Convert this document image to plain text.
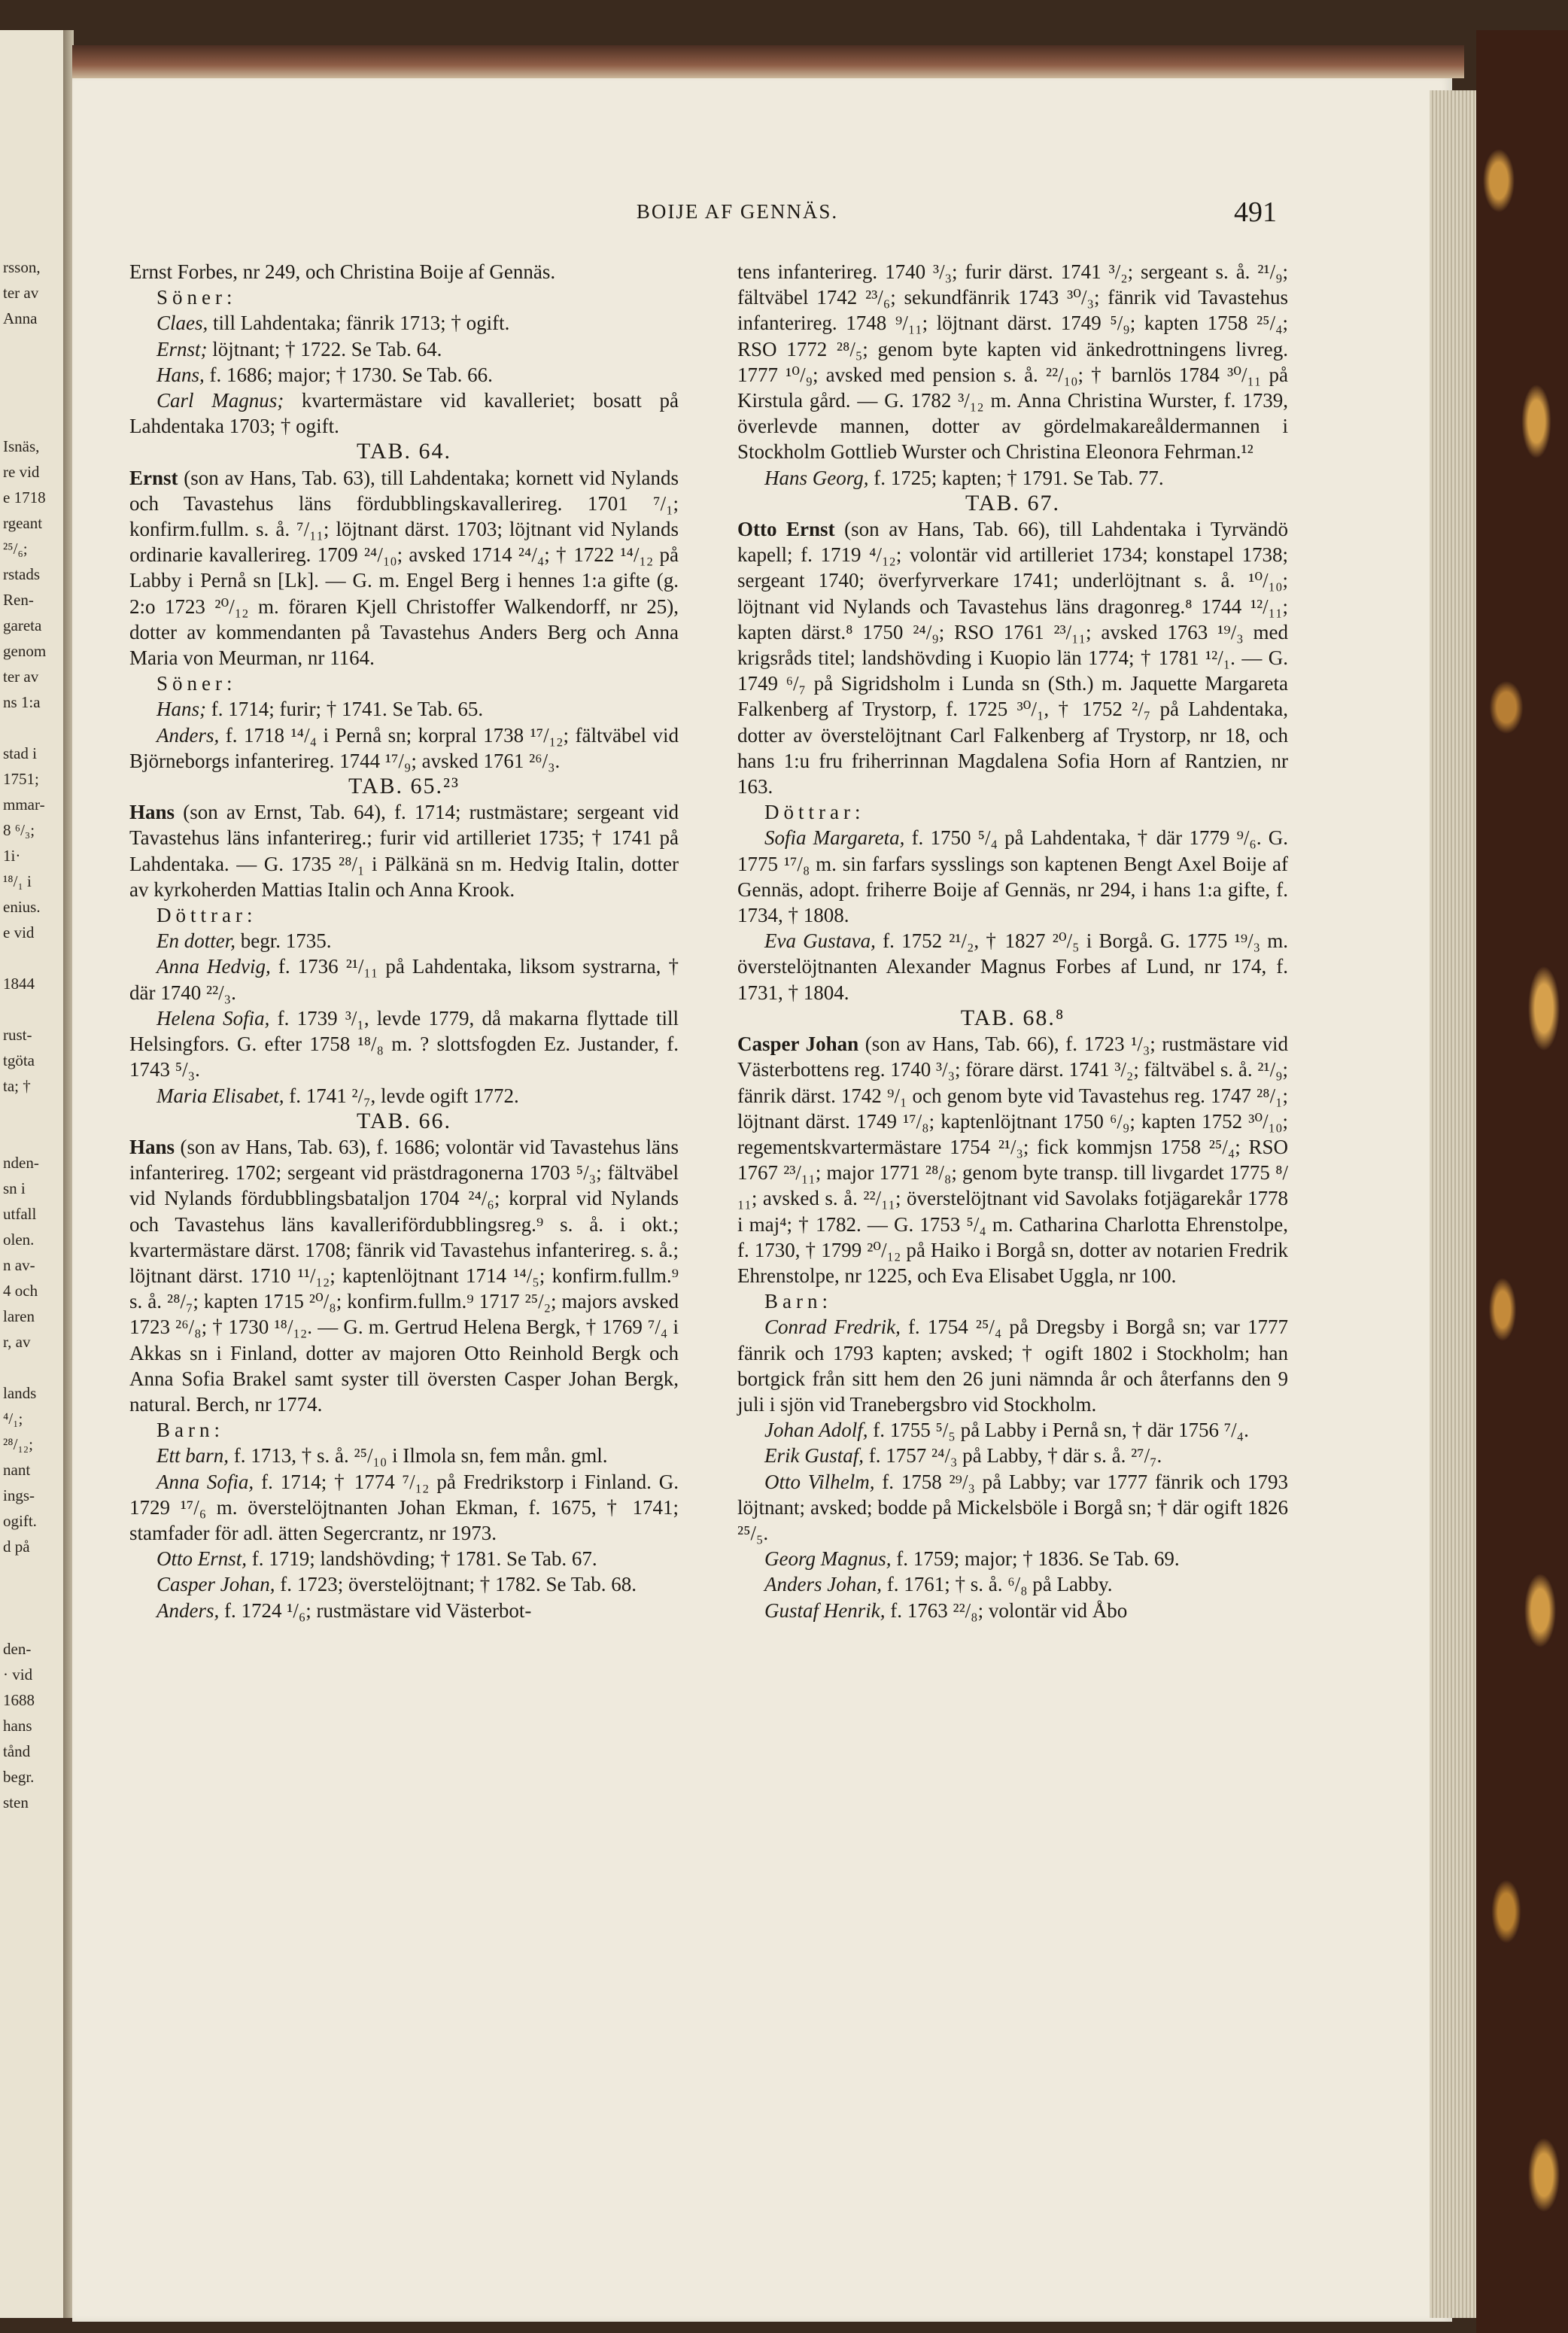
rsson,
ter av
Anna
Isnäs,
re vid
e 1718
rgeant
²⁵/₆;
rstads
Ren-
gareta
genom
ter av
ns 1:a
stad i
1751;
mmar-
8 ⁶/₃;
1i·
¹⁸/₁ i
enius.
e vid
1844
rust-
tgöta
ta; †
nden-
sn i
utfall
olen.
n av-
4 och
laren
r, av
lands
⁴/₁;
²⁸/₁₂;
nant
ings-
ogift.
d på
den-
· vid
1688
hans
tånd
begr.
sten
BOIJE AF GENNÄS.	491

Ernst Forbes, nr 249, och Christina Boije af Gennäs.

Söner:

Claes, till Lahdentaka; fänrik 1713; † ogift.

Ernst; löjtnant; † 1722. Se Tab. 64.

Hans, f. 1686; major; † 1730. Se Tab. 66.

Carl Magnus; kvartermästare vid kavalleriet; bosatt på Lahdentaka 1703; † ogift.

TAB. 64.

Ernst (son av Hans, Tab. 63), till Lahdentaka; kornett vid Nylands och Tavastehus läns fördubblingskavallerireg. 1701 ⁷/₁; konfirm.fullm. s. å. ⁷/₁₁; löjtnant därst. 1703; löjtnant vid Nylands ordinarie kavallerireg. 1709 ²⁴/₁₀; avsked 1714 ²⁴/₄; † 1722 ¹⁴/₁₂ på Labby i Pernå sn [Lk]. — G. m. Engel Berg i hennes 1:a gifte (g. 2:o 1723 ²⁰/₁₂ m. föraren Kjell Christoffer Walkendorff, nr 25), dotter av kommendanten på Tavastehus Anders Berg och Anna Maria von Meurman, nr 1164.

Söner:

Hans; f. 1714; furir; † 1741. Se Tab. 65.

Anders, f. 1718 ¹⁴/₄ i Pernå sn; korpral 1738 ¹⁷/₁₂; fältväbel vid Björneborgs infanterireg. 1744 ¹⁷/₉; avsked 1761 ²⁶/₃.

TAB. 65.²³

Hans (son av Ernst, Tab. 64), f. 1714; rustmästare; sergeant vid Tavastehus läns infanterireg.; furir vid artilleriet 1735; † 1741 på Lahdentaka. — G. 1735 ²⁸/₁ i Pälkänä sn m. Hedvig Italin, dotter av kyrkoherden Mattias Italin och Anna Krook.

Döttrar:

En dotter, begr. 1735.

Anna Hedvig, f. 1736 ²¹/₁₁ på Lahdentaka, liksom systrarna, † där 1740 ²²/₃.

Helena Sofia, f. 1739 ³/₁, levde 1779, då makarna flyttade till Helsingfors. G. efter 1758 ¹⁸/₈ m. ? slottsfogden Ez. Justander, f. 1743 ⁵/₃.

Maria Elisabet, f. 1741 ²/₇, levde ogift 1772.

TAB. 66.

Hans (son av Hans, Tab. 63), f. 1686; volontär vid Tavastehus läns infanterireg. 1702; sergeant vid prästdragonerna 1703 ⁵/₃; fältväbel vid Nylands fördubblingsbataljon 1704 ²⁴/₆; korpral vid Nylands och Tavastehus läns kavallerifördubblingsreg.⁹ s. å. i okt.; kvartermästare därst. 1708; fänrik vid Tavastehus infanterireg. s. å.; löjtnant därst. 1710 ¹¹/₁₂; kaptenlöjtnant 1714 ¹⁴/₅; konfirm.fullm.⁹ s. å. ²⁸/₇; kapten 1715 ²⁰/₈; konfirm.fullm.⁹ 1717 ²⁵/₂; majors avsked 1723 ²⁶/₈; † 1730 ¹⁸/₁₂. — G. m. Gertrud Helena Bergk, † 1769 ⁷/₄ i Akkas sn i Finland, dotter av majoren Otto Reinhold Bergk och Anna Sofia Brakel samt syster till översten Casper Johan Bergk, natural. Berch, nr 1774.

Barn:

Ett barn, f. 1713, † s. å. ²⁵/₁₀ i Ilmola sn, fem mån. gml.

Anna Sofia, f. 1714; † 1774 ⁷/₁₂ på Fredrikstorp i Finland. G. 1729 ¹⁷/₆ m. överstelöjtnanten Johan Ekman, f. 1675, † 1741; stamfader för adl. ätten Segercrantz, nr 1973.

Otto Ernst, f. 1719; landshövding; † 1781. Se Tab. 67.

Casper Johan, f. 1723; överstelöjtnant; † 1782. Se Tab. 68.

Anders, f. 1724 ¹/₆; rustmästare vid Västerbot-

tens infanterireg. 1740 ³/₃; furir därst. 1741 ³/₂; sergeant s. å. ²¹/₉; fältväbel 1742 ²³/₆; sekundfänrik 1743 ³⁰/₃; fänrik vid Tavastehus infanterireg. 1748 ⁹/₁₁; löjtnant därst. 1749 ⁵/₉; kapten 1758 ²⁵/₄; RSO 1772 ²⁸/₅; genom byte kapten vid änkedrottningens livreg. 1777 ¹⁰/₉; avsked med pension s. å. ²²/₁₀; † barnlös 1784 ³⁰/₁₁ på Kirstula gård. — G. 1782 ³/₁₂ m. Anna Christina Wurster, f. 1739, överlevde mannen, dotter av gördelmakareåldermannen i Stockholm Gottlieb Wurster och Christina Eleonora Fehrman.¹²

Hans Georg, f. 1725; kapten; † 1791. Se Tab. 77.

TAB. 67.

Otto Ernst (son av Hans, Tab. 66), till Lahdentaka i Tyrvändö kapell; f. 1719 ⁴/₁₂; volontär vid artilleriet 1734; konstapel 1738; sergeant 1740; överfyrverkare 1741; underlöjtnant s. å. ¹⁰/₁₀; löjtnant vid Nylands och Tavastehus läns dragonreg.⁸ 1744 ¹²/₁₁; kapten därst.⁸ 1750 ²⁴/₉; RSO 1761 ²³/₁₁; avsked 1763 ¹⁹/₃ med krigsråds titel; landshövding i Kuopio län 1774; † 1781 ¹²/₁. — G. 1749 ⁶/₇ på Sigridsholm i Lunda sn (Sth.) m. Jaquette Margareta Falkenberg af Trystorp, f. 1725 ³⁰/₁, † 1752 ²/₇ på Lahdentaka, dotter av överstelöjtnant Carl Falkenberg af Trystorp, nr 18, och hans 1:u fru friherrinnan Magdalena Sofia Horn af Rantzien, nr 163.

Döttrar:

Sofia Margareta, f. 1750 ⁵/₄ på Lahdentaka, † där 1779 ⁹/₆. G. 1775 ¹⁷/₈ m. sin farfars sysslings son kaptenen Bengt Axel Boije af Gennäs, adopt. friherre Boije af Gennäs, nr 294, i hans 1:a gifte, f. 1734, † 1808.

Eva Gustava, f. 1752 ²¹/₂, † 1827 ²⁰/₅ i Borgå. G. 1775 ¹⁹/₃ m. överstelöjtnanten Alexander Magnus Forbes af Lund, nr 174, f. 1731, † 1804.

TAB. 68.⁸

Casper Johan (son av Hans, Tab. 66), f. 1723 ¹/₃; rustmästare vid Västerbottens reg. 1740 ³/₃; förare därst. 1741 ³/₂; fältväbel s. å. ²¹/₉; fänrik därst. 1742 ⁹/₁ och genom byte vid Tavastehus reg. 1747 ²⁸/₁; löjtnant därst. 1749 ¹⁷/₈; kaptenlöjtnant 1750 ⁶/₉; kapten 1752 ³⁰/₁₀; regementskvartermästare 1754 ²¹/₃; fick kommjsn 1758 ²⁵/₄; RSO 1767 ²³/₁₁; major 1771 ²⁸/₈; genom byte transp. till livgardet 1775 ⁸/₁₁; avsked s. å. ²²/₁₁; överstelöjtnant vid Savolaks fotjägarekår 1778 i maj⁴; † 1782. — G. 1753 ⁵/₄ m. Catharina Charlotta Ehrenstolpe, f. 1730, † 1799 ²⁰/₁₂ på Haiko i Borgå sn, dotter av notarien Fredrik Ehrenstolpe, nr 1225, och Eva Elisabet Uggla, nr 100.

Barn:

Conrad Fredrik, f. 1754 ²⁵/₄ på Dregsby i Borgå sn; var 1777 fänrik och 1793 kapten; avsked; † ogift 1802 i Stockholm; han bortgick från sitt hem den 26 juni nämnda år och återfanns den 9 juli i sjön vid Tranebergsbro vid Stockholm.

Johan Adolf, f. 1755 ⁵/₅ på Labby i Pernå sn, † där 1756 ⁷/₄.

Erik Gustaf, f. 1757 ²⁴/₃ på Labby, † där s. å. ²⁷/₇.

Otto Vilhelm, f. 1758 ²⁹/₃ på Labby; var 1777 fänrik och 1793 löjtnant; avsked; bodde på Mickelsböle i Borgå sn; † där ogift 1826 ²⁵/₅.

Georg Magnus, f. 1759; major; † 1836. Se Tab. 69.

Anders Johan, f. 1761; † s. å. ⁶/₈ på Labby.

Gustaf Henrik, f. 1763 ²²/₈; volontär vid Åbo
